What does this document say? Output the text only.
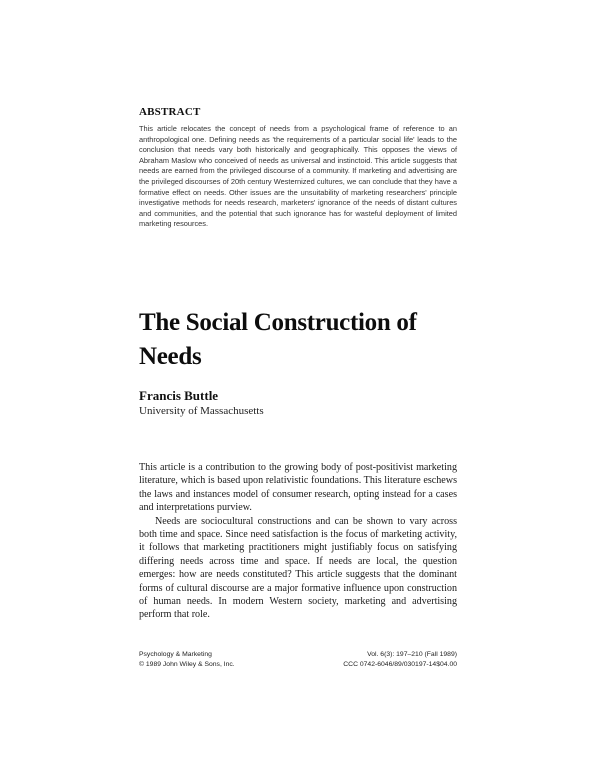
ABSTRACT

This article relocates the concept of needs from a psychological frame of reference to an anthropological one. Defining needs as 'the requirements of a particular social life' leads to the conclusion that needs vary both historically and geographically. This opposes the views of Abraham Maslow who conceived of needs as universal and instinctoid. This article suggests that needs are earned from the privileged discourse of a community. If marketing and advertising are the privileged discourses of 20th century Westernized cultures, we can conclude that they have a formative effect on needs. Other issues are the unsuitability of marketing researchers' principle investigative methods for needs research, marketers' ignorance of the needs of distant cultures and communities, and the potential that such ignorance has for wasteful deployment of limited marketing resources.

The Social Construction of Needs

Francis Buttle

University of Massachusetts

This article is a contribution to the growing body of post-positivist marketing literature, which is based upon relativistic foundations. This literature eschews the laws and instances model of consumer research, opting instead for a cases and interpretations purview.

Needs are sociocultural constructions and can be shown to vary across both time and space. Since need satisfaction is the focus of marketing activity, it follows that marketing practitioners might justifiably focus on satisfying differing needs across time and space. If needs are local, the question emerges: how are needs constituted? This article suggests that the dominant forms of cultural discourse are a major formative influence upon construction of human needs. In modern Western society, marketing and advertising perform that role.

Psychology & Marketing
© 1989 John Wiley & Sons, Inc.
Vol. 6(3): 197–210 (Fall 1989)
CCC 0742-6046/89/030197-14$04.00
